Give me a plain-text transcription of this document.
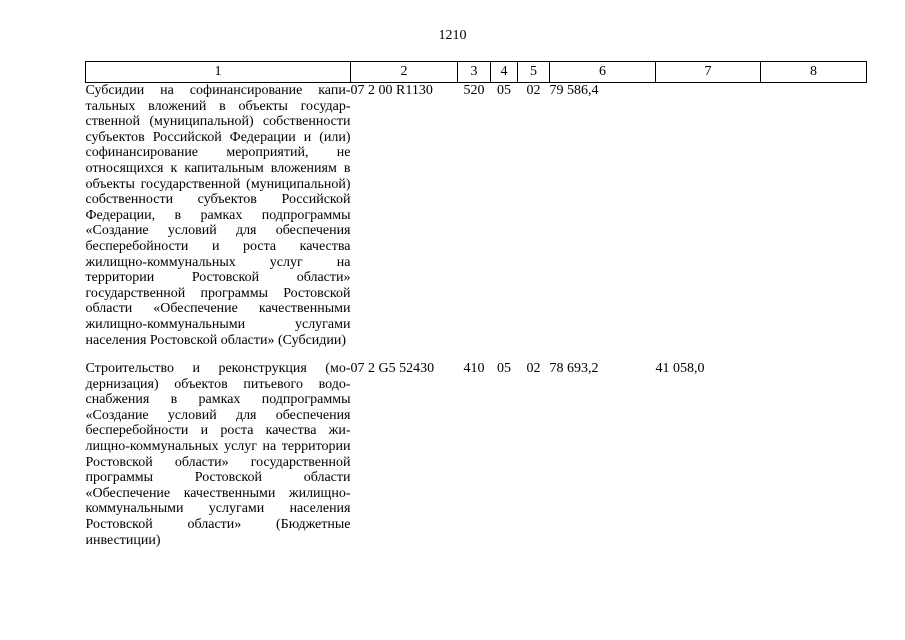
1210
1	2	3	4	5	6	7	8
Субсидии на софинансирование капитальных вложений в объекты государственной (муниципальной) собственности субъектов Российской Федерации и (или) софинансирование мероприятий, не относящихся к капитальным вложениям в объекты государственной (муниципальной) собственности субъектов Российской Федерации, в рамках подпрограммы «Создание условий для обеспечения бесперебойности и роста качества жилищно-коммунальных услуг на территории Ростовской области» государственной программы Ростовской области «Обеспечение качественными жилищно-коммунальными услугами населения Ростовской области» (Субсидии)	07 2 00 R1130	520	05	02	79 586,4		
Строительство и реконструкция (модернизация) объектов питьевого водоснабжения в рамках подпрограммы «Создание условий для обеспечения бесперебойности и роста качества жилищно-коммунальных услуг на территории Ростовской области» государственной программы Ростовской области «Обеспечение качественными жилищно-коммунальными услугами населения Ростовской области» (Бюджетные инвестиции)	07 2 G5 52430	410	05	02	78 693,2	41 058,0	
